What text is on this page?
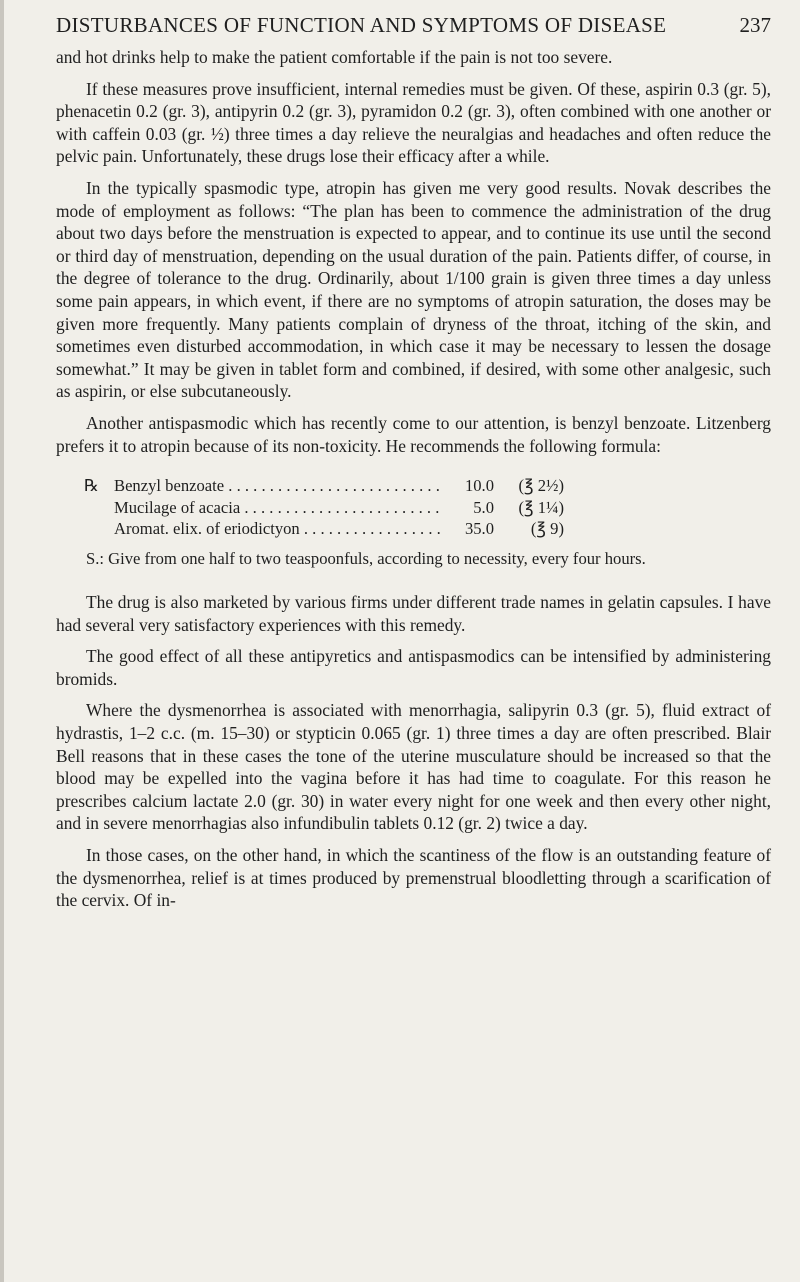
DISTURBANCES OF FUNCTION AND SYMPTOMS OF DISEASE	237

and hot drinks help to make the patient comfortable if the pain is not too severe.

If these measures prove insufficient, internal remedies must be given. Of these, aspirin 0.3 (gr. 5), phenacetin 0.2 (gr. 3), antipyrin 0.2 (gr. 3), pyramidon 0.2 (gr. 3), often combined with one another or with caffein 0.03 (gr. ½) three times a day relieve the neuralgias and headaches and often reduce the pelvic pain. Unfortunately, these drugs lose their efficacy after a while.

In the typically spasmodic type, atropin has given me very good results. Novak describes the mode of employment as follows: “The plan has been to commence the administration of the drug about two days before the menstruation is expected to appear, and to continue its use until the second or third day of menstruation, depending on the usual duration of the pain. Patients differ, of course, in the degree of tolerance to the drug. Ordinarily, about 1/100 grain is given three times a day unless some pain appears, in which event, if there are no symptoms of atropin saturation, the doses may be given more frequently. Many patients complain of dryness of the throat, itching of the skin, and sometimes even disturbed accommodation, in which case it may be necessary to lessen the dosage somewhat.” It may be given in tablet form and combined, if desired, with some other analgesic, such as aspirin, or else subcutaneously.

Another antispasmodic which has recently come to our attention, is benzyl benzoate. Litzenberg prefers it to atropin because of its non-toxicity. He recommends the following formula:

℞ Benzyl benzoate . . .	10.0	(℥ 2½)
Mucilage of acacia . . .	5.0	(℥ 1¼)
Aromat. elix. of eriodictyon . . .	35.0	(℥ 9)

S.: Give from one half to two teaspoonfuls, according to necessity, every four hours.

The drug is also marketed by various firms under different trade names in gelatin capsules. I have had several very satisfactory experiences with this remedy.

The good effect of all these antipyretics and antispasmodics can be intensified by administering bromids.

Where the dysmenorrhea is associated with menorrhagia, salipyrin 0.3 (gr. 5), fluid extract of hydrastis, 1–2 c.c. (m. 15–30) or stypticin 0.065 (gr. 1) three times a day are often prescribed. Blair Bell reasons that in these cases the tone of the uterine musculature should be increased so that the blood may be expelled into the vagina before it has had time to coagulate. For this reason he prescribes calcium lactate 2.0 (gr. 30) in water every night for one week and then every other night, and in severe menorrhagias also infundibulin tablets 0.12 (gr. 2) twice a day.

In those cases, on the other hand, in which the scantiness of the flow is an outstanding feature of the dysmenorrhea, relief is at times produced by premenstrual bloodletting through a scarification of the cervix. Of in-
